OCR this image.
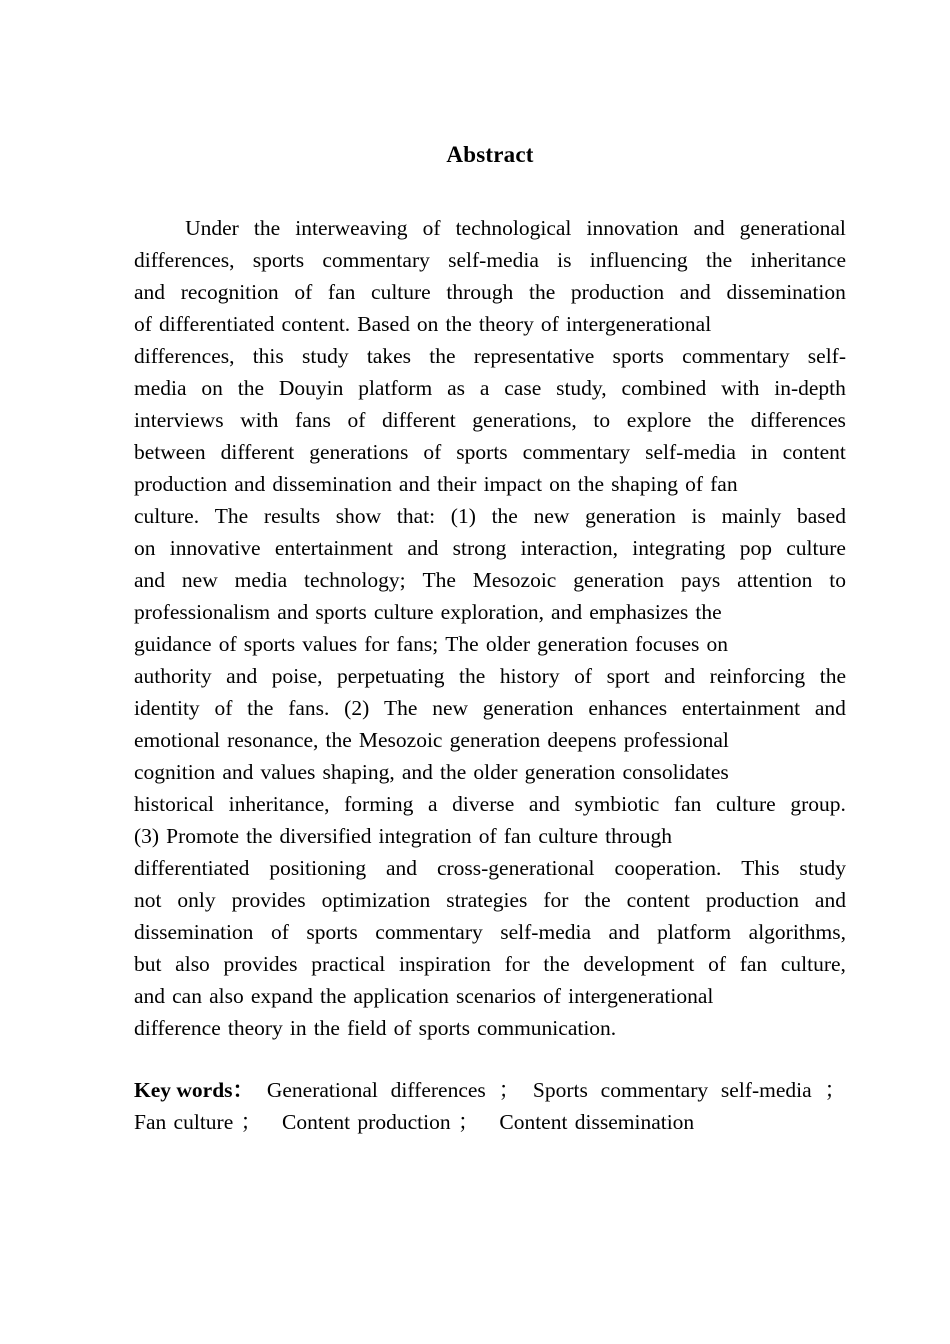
Abstract

Under the interweaving of technological innovation and generational
differences, sports commentary self-media is influencing the inheritance
and recognition of fan culture through the production and dissemination
of differentiated content. Based on the theory of intergenerational
differences, this study takes the representative sports commentary self-
media on the Douyin platform as a case study, combined with in-depth
interviews with fans of different generations, to explore the differences
between different generations of sports commentary self-media in content
production and dissemination and their impact on the shaping of fan
culture. The results show that: (1) the new generation is mainly based
on innovative entertainment and strong interaction, integrating pop culture
and new media technology; The Mesozoic generation pays attention to
professionalism and sports culture exploration, and emphasizes the
guidance of sports values for fans; The older generation focuses on
authority and poise, perpetuating the history of sport and reinforcing the
identity of the fans. (2) The new generation enhances entertainment and
emotional resonance, the Mesozoic generation deepens professional
cognition and values shaping, and the older generation consolidates
historical inheritance, forming a diverse and symbiotic fan culture group.
(3) Promote the diversified integration of fan culture through
differentiated positioning and cross-generational cooperation. This study
not only provides optimization strategies for the content production and
dissemination of sports commentary self-media and platform algorithms,
but also provides practical inspiration for the development of fan culture,
and can also expand the application scenarios of intergenerational
difference theory in the field of sports communication.
Key words： Generational differences ； Sports commentary self-media ；
Fan culture ；
Content production ；
Content dissemination
